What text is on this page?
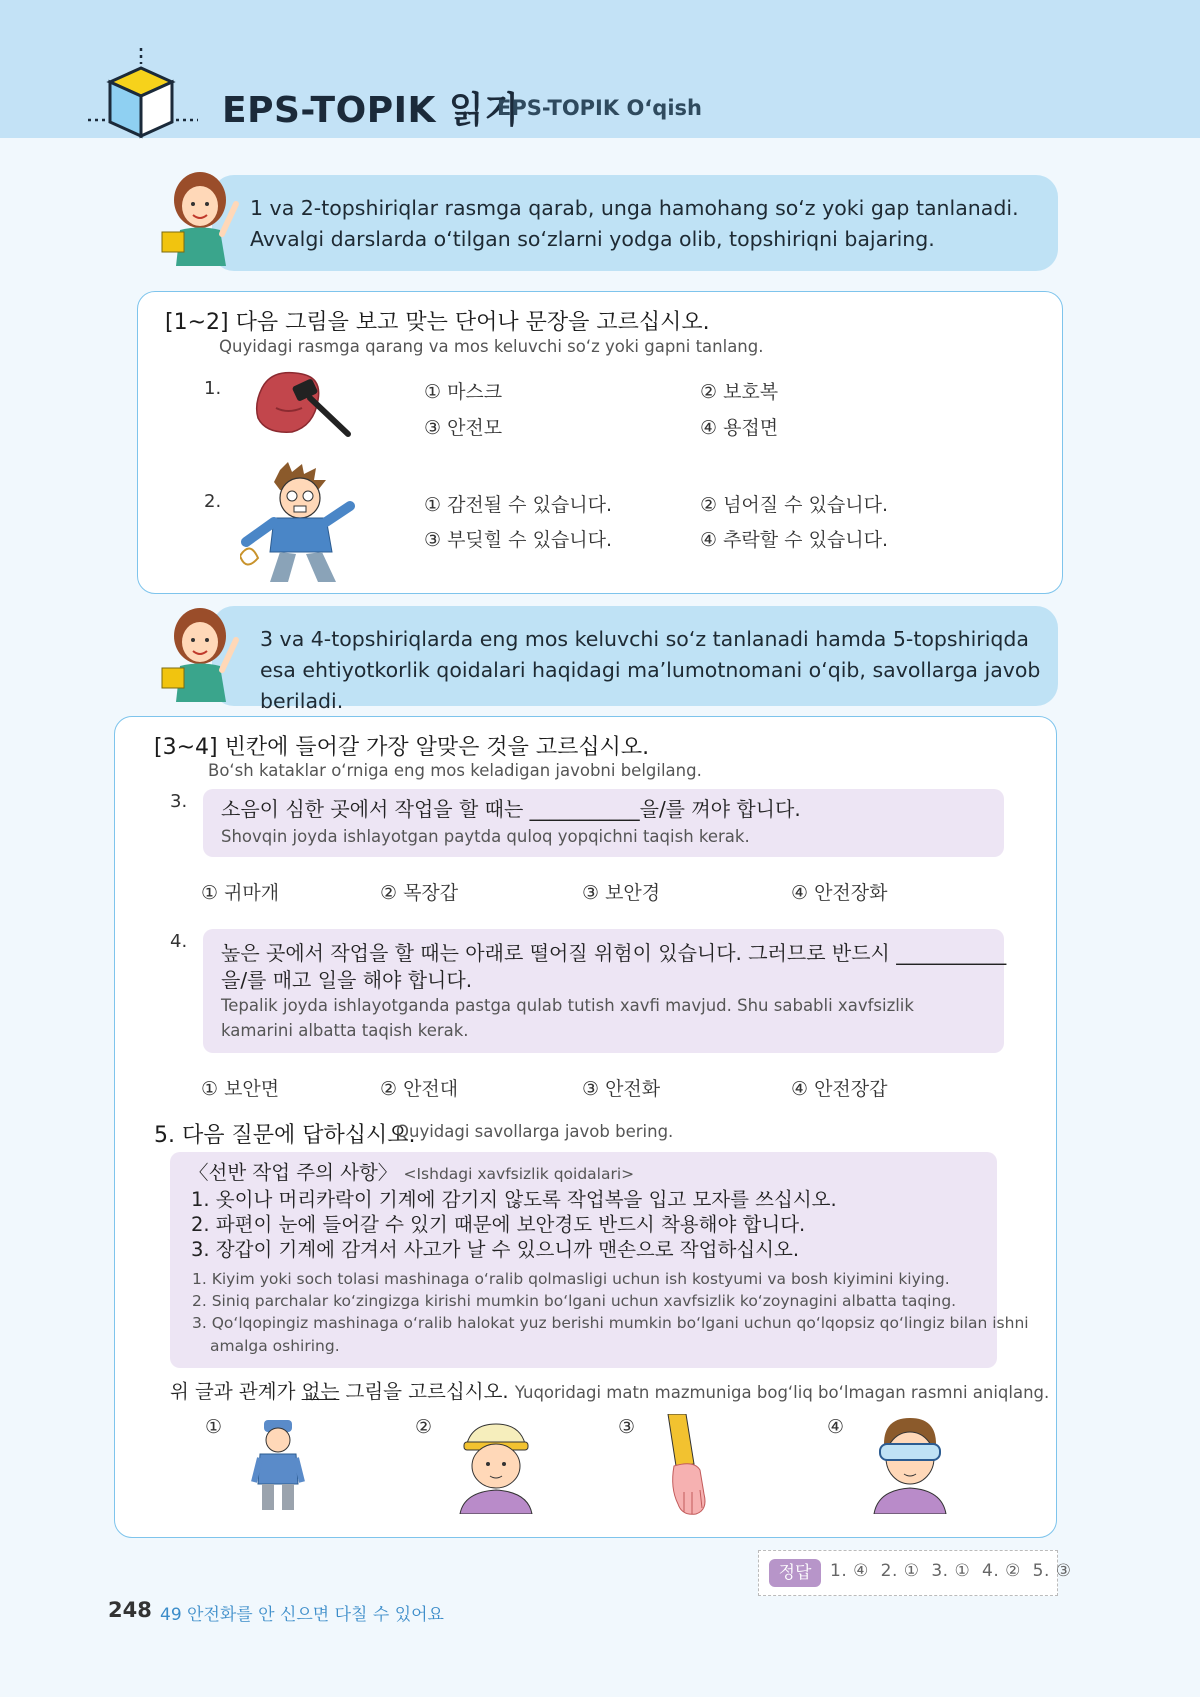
EPS-TOPIK 읽기
EPS-TOPIK O‘qish
1 va 2-topshiriqlar rasmga qarab, unga hamohang so‘z yoki gap tanlanadi. Avvalgi darslarda o‘tilgan so‘zlarni yodga olib, topshiriqni bajaring.
[1~2] 다음 그림을 보고 맞는 단어나 문장을 고르십시오.
Quyidagi rasmga qarang va mos keluvchi so‘z yoki gapni tanlang.
1.	① 마스크	② 보호복
③ 안전모	④ 용접면
2.	① 감전될 수 있습니다.	② 넘어질 수 있습니다.
③ 부딪힐 수 있습니다.	④ 추락할 수 있습니다.
3 va 4-topshiriqlarda eng mos keluvchi so‘z tanlanadi hamda 5-topshiriqda esa ehtiyotkorlik qoidalari haqidagi ma’lumotnomani o‘qib, savollarga javob beriladi.
[3~4] 빈칸에 들어갈 가장 알맞은 것을 고르십시오.
Bo‘sh kataklar o‘rniga eng mos keladigan javobni belgilang.
3. 소음이 심한 곳에서 작업을 할 때는 ___________을/를 껴야 합니다.
Shovqin joyda ishlayotgan paytda quloq yopqichni taqish kerak.
① 귀마개	② 목장갑	③ 보안경	④ 안전장화
4. 높은 곳에서 작업을 할 때는 아래로 떨어질 위험이 있습니다. 그러므로 반드시 ___________
을/를 매고 일을 해야 합니다.
Tepalik joyda ishlayotganda pastga qulab tutish xavfi mavjud. Shu sababli xavfsizlik kamarini albatta taqish kerak.
① 보안면	② 안전대	③ 안전화	④ 안전장갑
5. 다음 질문에 답하십시오.
Quyidagi savollarga javob bering.
〈선반 작업 주의 사항〉 <Ishdagi xavfsizlik qoidalari>
1. 옷이나 머리카락이 기계에 감기지 않도록 작업복을 입고 모자를 쓰십시오.
2. 파편이 눈에 들어갈 수 있기 때문에 보안경도 반드시 착용해야 합니다.
3. 장갑이 기계에 감겨서 사고가 날 수 있으니까 맨손으로 작업하십시오.
1. Kiyim yoki soch tolasi mashinaga o‘ralib qolmasligi uchun ish kostyumi va bosh kiyimini kiying.
2. Siniq parchalar ko‘zingizga kirishi mumkin bo‘lgani uchun xavfsizlik ko‘zoynagini albatta taqing.
3. Qo‘lqopingiz mashinaga o‘ralib halokat yuz berishi mumkin bo‘lgani uchun qo‘lqopsiz qo‘lingiz bilan ishni
amalga oshiring.
위 글과 관계가 없는 그림을 고르십시오. Yuqoridagi matn mazmuniga bog‘liq bo‘lmagan rasmni aniqlang.
①	②	③	④
정답	1. ④  2. ①  3. ①  4. ②  5. ③
248 49 안전화를 안 신으면 다칠 수 있어요
